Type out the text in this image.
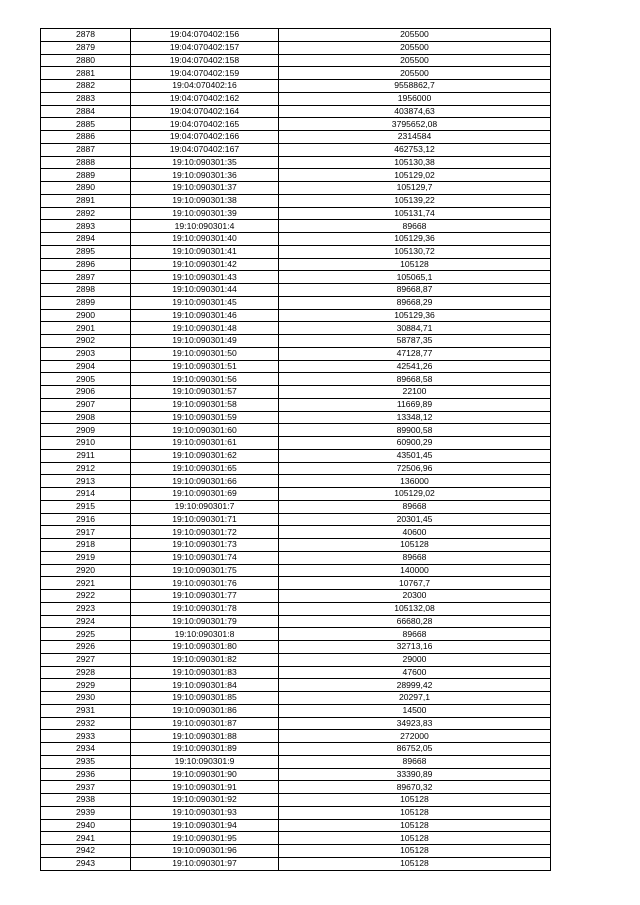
2878	19:04:070402:156	205500
2879	19:04:070402:157	205500
2880	19:04:070402:158	205500
2881	19:04:070402:159	205500
2882	19:04:070402:16	9558862,7
2883	19:04:070402:162	1956000
2884	19:04:070402:164	403874,63
2885	19:04:070402:165	3795652,08
2886	19:04:070402:166	2314584
2887	19:04:070402:167	462753,12
2888	19:10:090301:35	105130,38
2889	19:10:090301:36	105129,02
2890	19:10:090301:37	105129,7
2891	19:10:090301:38	105139,22
2892	19:10:090301:39	105131,74
2893	19:10:090301:4	89668
2894	19:10:090301:40	105129,36
2895	19:10:090301:41	105130,72
2896	19:10:090301:42	105128
2897	19:10:090301:43	105065,1
2898	19:10:090301:44	89668,87
2899	19:10:090301:45	89668,29
2900	19:10:090301:46	105129,36
2901	19:10:090301:48	30884,71
2902	19:10:090301:49	58787,35
2903	19:10:090301:50	47128,77
2904	19:10:090301:51	42541,26
2905	19:10:090301:56	89668,58
2906	19:10:090301:57	22100
2907	19:10:090301:58	11669,89
2908	19:10:090301:59	13348,12
2909	19:10:090301:60	89900,58
2910	19:10:090301:61	60900,29
2911	19:10:090301:62	43501,45
2912	19:10:090301:65	72506,96
2913	19:10:090301:66	136000
2914	19:10:090301:69	105129,02
2915	19:10:090301:7	89668
2916	19:10:090301:71	20301,45
2917	19:10:090301:72	40600
2918	19:10:090301:73	105128
2919	19:10:090301:74	89668
2920	19:10:090301:75	140000
2921	19:10:090301:76	10767,7
2922	19:10:090301:77	20300
2923	19:10:090301:78	105132,08
2924	19:10:090301:79	66680,28
2925	19:10:090301:8	89668
2926	19:10:090301:80	32713,16
2927	19:10:090301:82	29000
2928	19:10:090301:83	47600
2929	19:10:090301:84	28999,42
2930	19:10:090301:85	20297,1
2931	19:10:090301:86	14500
2932	19:10:090301:87	34923,83
2933	19:10:090301:88	272000
2934	19:10:090301:89	86752,05
2935	19:10:090301:9	89668
2936	19:10:090301:90	33390,89
2937	19:10:090301:91	89670,32
2938	19:10:090301:92	105128
2939	19:10:090301:93	105128
2940	19:10:090301:94	105128
2941	19:10:090301:95	105128
2942	19:10:090301:96	105128
2943	19:10:090301:97	105128
